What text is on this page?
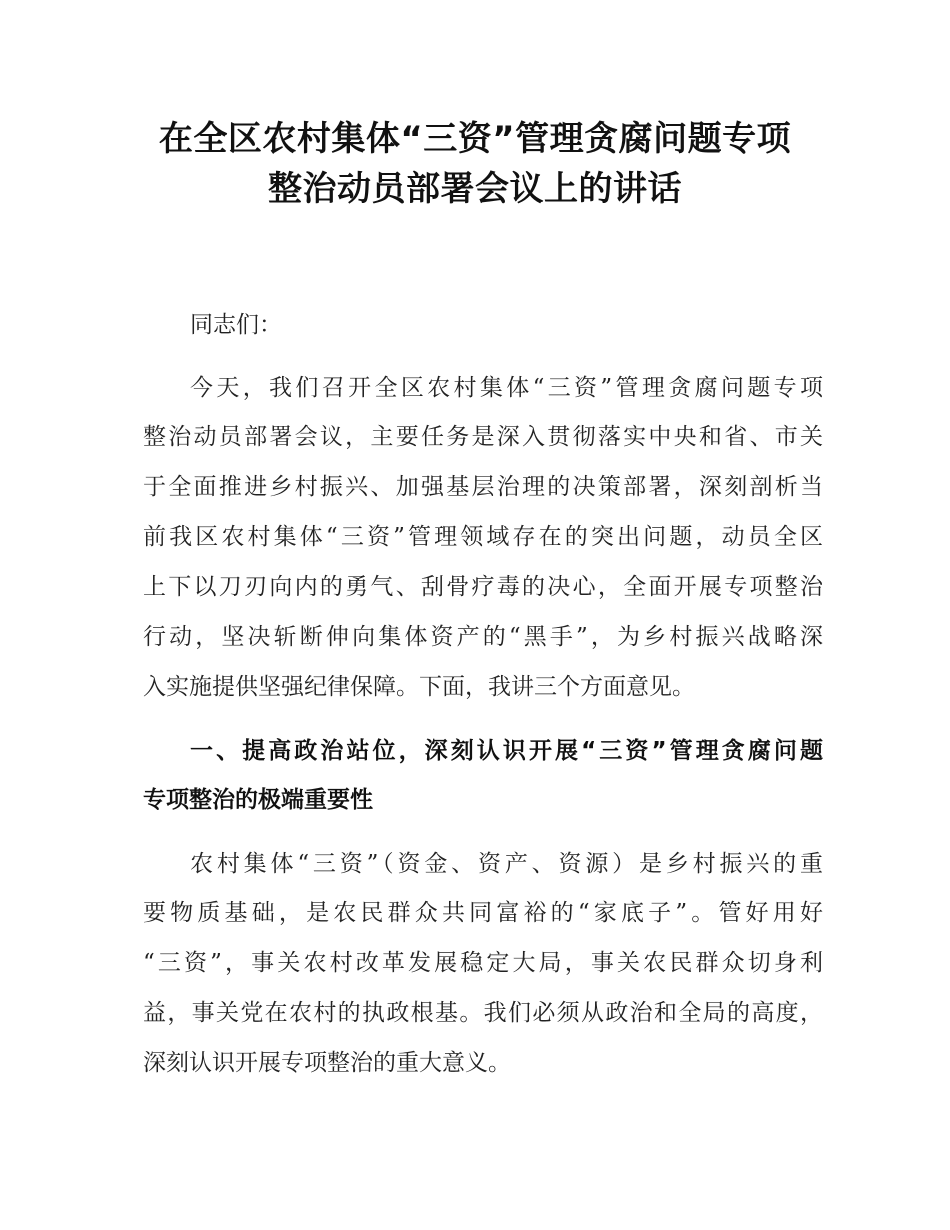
在全区农村集体“三资”管理贪腐问题专项
整治动员部署会议上的讲话

同志们：

今天，我们召开全区农村集体“三资”管理贪腐问题专项

整治动员部署会议，主要任务是深入贯彻落实中央和省、市关

于全面推进乡村振兴、加强基层治理的决策部署，深刻剖析当

前我区农村集体“三资”管理领域存在的突出问题，动员全区

上下以刀刃向内的勇气、刮骨疗毒的决心，全面开展专项整治

行动，坚决斩断伸向集体资产的“黑手”，为乡村振兴战略深

入实施提供坚强纪律保障。下面，我讲三个方面意见。

一、提高政治站位，深刻认识开展“三资”管理贪腐问题

专项整治的极端重要性

农村集体“三资”（资金、资产、资源）是乡村振兴的重

要物质基础，是农民群众共同富裕的“家底子”。管好用好

“三资”，事关农村改革发展稳定大局，事关农民群众切身利

益，事关党在农村的执政根基。我们必须从政治和全局的高度，

深刻认识开展专项整治的重大意义。
